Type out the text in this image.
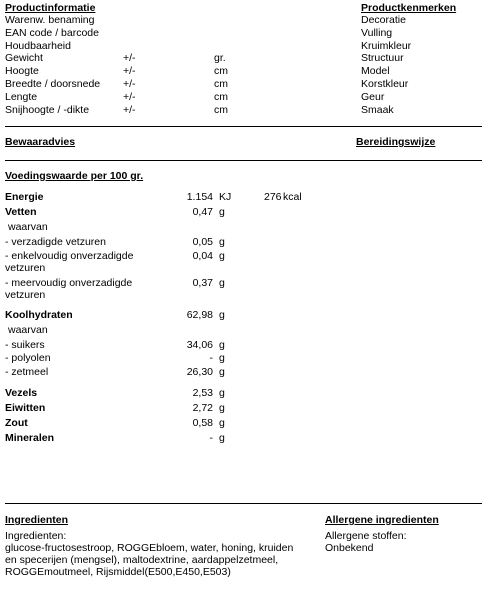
Productinformatie
Warenw. benaming
EAN code / barcode
Houdbaarheid
Gewicht	+/-	gr.
Hoogte	+/-	cm
Breedte / doorsnede +/-	cm
Lengte	+/-	cm
Snijhoogte / -dikte	+/-	cm
Productkenmerken
Decoratie
Vulling
Kruimkleur
Structuur
Model
Korstkleur
Geur
Smaak
Bewaaradvies	Bereidingswijze
Voedingswaarde per 100 gr.
Energie	1.154 KJ	276 kcal
Vetten	0,47 g
waarvan
- verzadigde vetzuren	0,05 g
- enkelvoudig onverzadigde vetzuren
0,04 g
- meervoudig onverzadigde vetzuren
0,37 g
Koolhydraten	62,98 g
waarvan
- suikers	34,06 g
- polyolen	- g
- zetmeel	26,30 g
Vezels	2,53 g
Eiwitten	2,72 g
Zout	0,58 g
Mineralen	- g
Ingredienten
Ingredienten:
glucose-fructosestroop, ROGGEbloem, water, honing, kruiden en specerijen (mengsel), maltodextrine, aardappelzetmeel, ROGGEmoutmeel, Rijsmiddel(E500,E450,E503)
Allergene ingredienten
Allergene stoffen:
Onbekend
